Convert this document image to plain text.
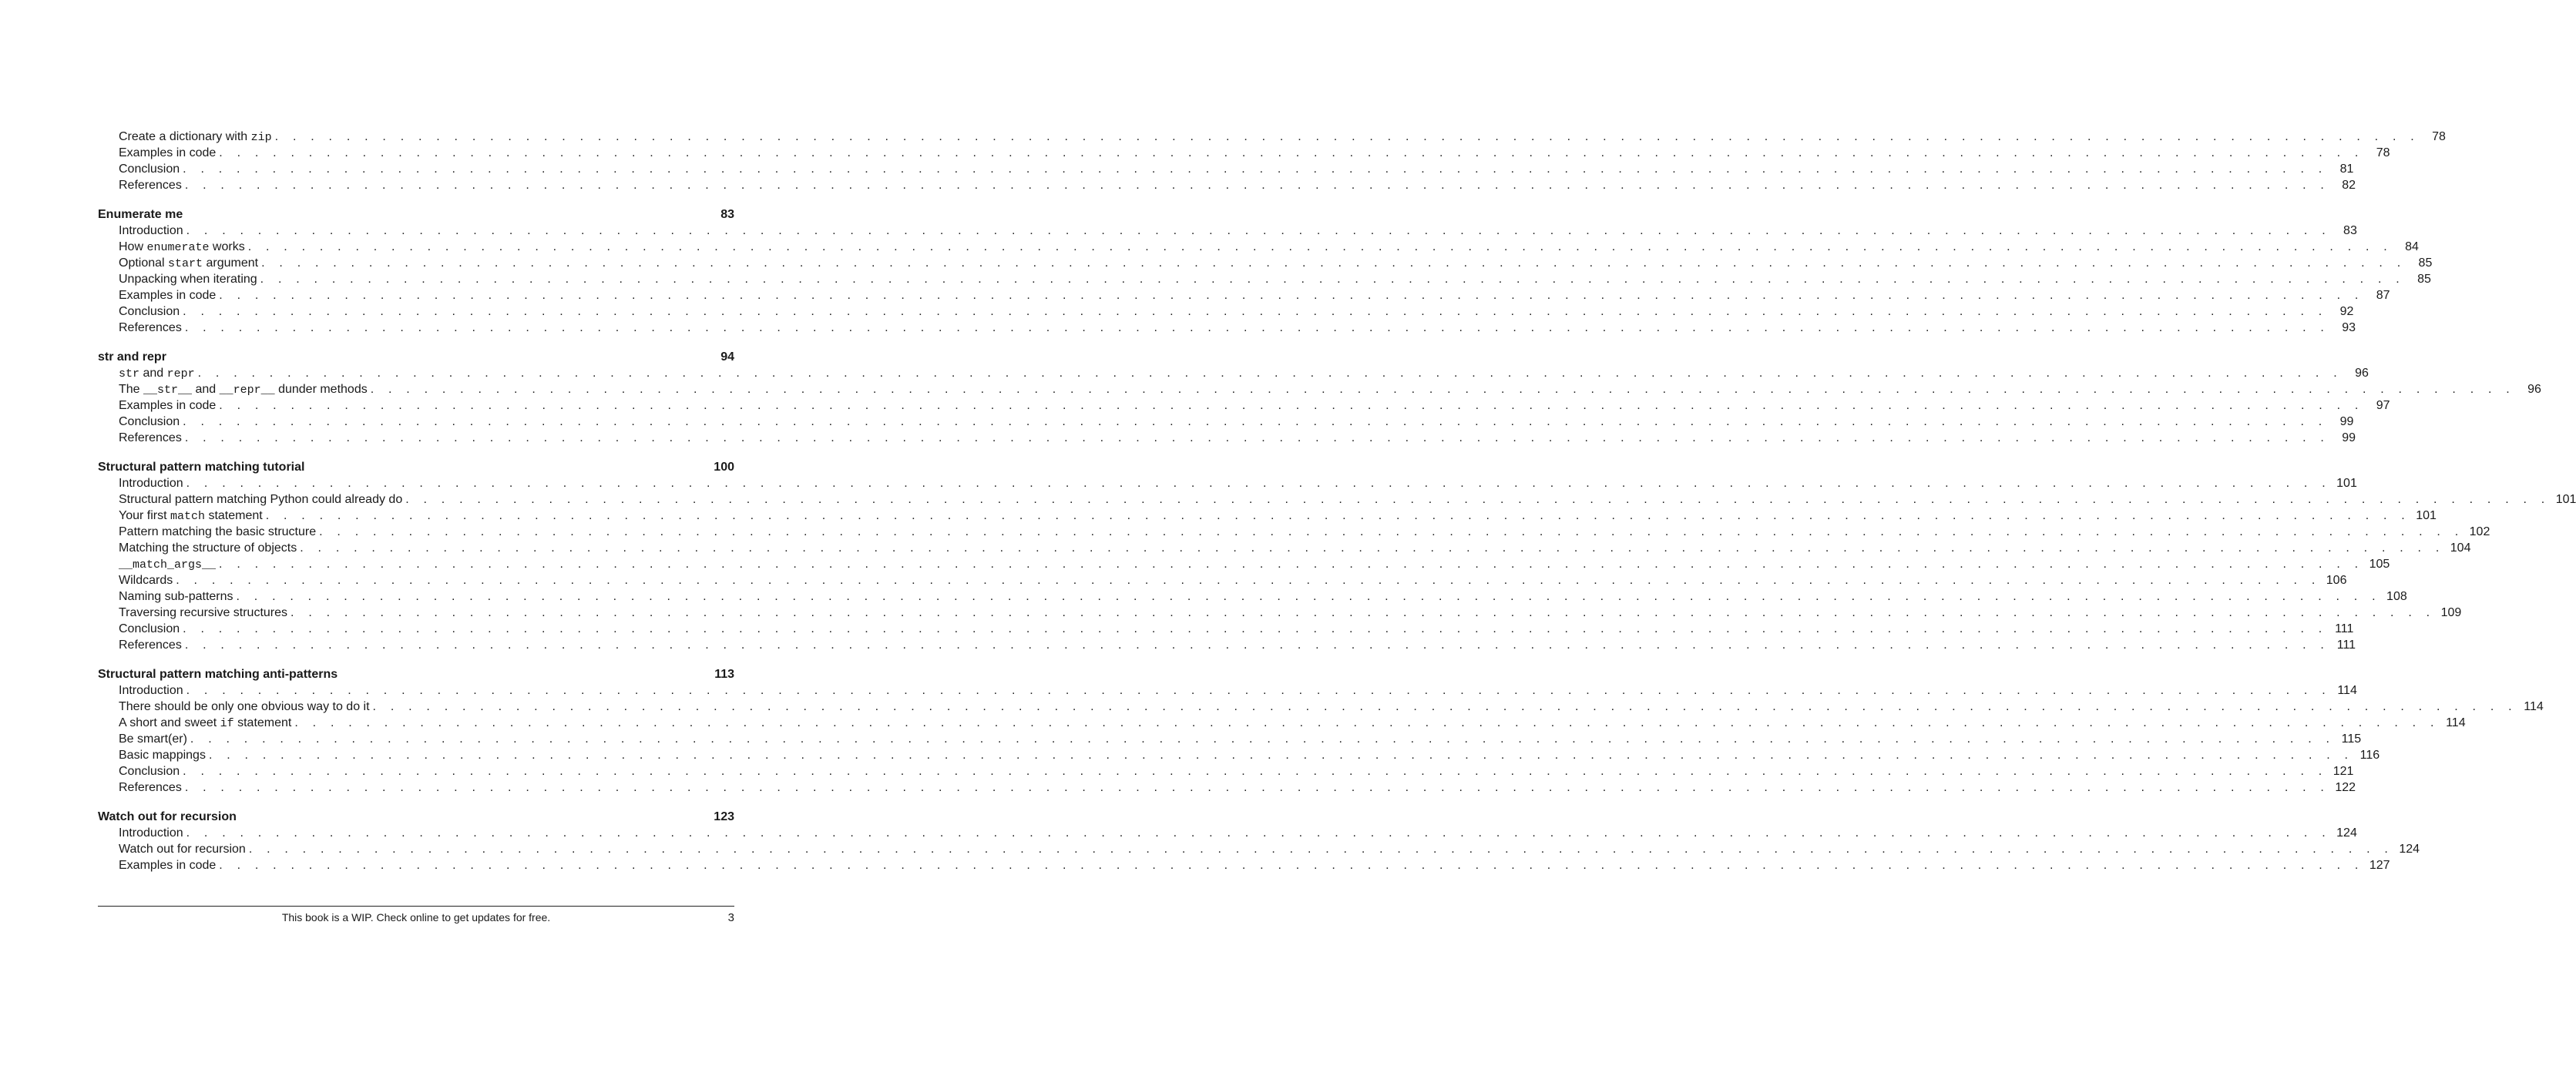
Create a dictionary with zip . . . . . . . . . . . . . . . . . . . . . . . . . . . . . . . . . . . . . . . . . . . . . . . . . . . . . . . . . . . . . . . . . . . . . . . . . . . . . . . . . . . . . . . . . . . . . . . . . . . . . . . . . . . . . . . . . . . . . . . .	78
Examples in code . . . . . . . . . . . . . . . . . . . . . . . . . . . . . . . . . . . . . . . . . . . . . . . . . . . . . . . . . . . . . . . . . . . . . . . . . . . . . . . . . . . . . . . . . . . . . . . . . . . . . . . . . . . . . . . . . . . . . . . .	78
Conclusion . . . . . . . . . . . . . . . . . . . . . . . . . . . . . . . . . . . . . . . . . . . . . . . . . . . . . . . . . . . . . . . . . . . . . . . . . . . . . . . . . . . . . . . . . . . . . . . . . . . . . . . . . . . . . . . . . . . . . . . .	81
References . . . . . . . . . . . . . . . . . . . . . . . . . . . . . . . . . . . . . . . . . . . . . . . . . . . . . . . . . . . . . . . . . . . . . . . . . . . . . . . . . . . . . . . . . . . . . . . . . . . . . . . . . . . . . . . . . . . . . . . .	82
Enumerate me	83
Introduction . . . . . . . . . . . . . . . . . . . . . . . . . . . . . . . . . . . . . . . . . . . . . . . . . . . . . . . . . . . . . . . . . . . . . . . . . . . . . . . . . . . . . . . . . . . . . . . . . . . . . . . . . . . . . . . . . . . . . . . .	83
How enumerate works . . . . . . . . . . . . . . . . . . . . . . . . . . . . . . . . . . . . . . . . . . . . . . . . . . . . . . . . . . . . . . . . . . . . . . . . . . . . . . . . . . . . . . . . . . . . . . . . . . . . . . . . . . . . . . . . . . . . . . . .	84
Optional start argument . . . . . . . . . . . . . . . . . . . . . . . . . . . . . . . . . . . . . . . . . . . . . . . . . . . . . . . . . . . . . . . . . . . . . . . . . . . . . . . . . . . . . . . . . . . . . . . . . . . . . . . . . . . . . . . . . . . . . . . .	85
Unpacking when iterating . . . . . . . . . . . . . . . . . . . . . . . . . . . . . . . . . . . . . . . . . . . . . . . . . . . . . . . . . . . . . . . . . . . . . . . . . . . . . . . . . . . . . . . . . . . . . . . . . . . . . . . . . . . . . . . . . . . . . . . .	85
Examples in code . . . . . . . . . . . . . . . . . . . . . . . . . . . . . . . . . . . . . . . . . . . . . . . . . . . . . . . . . . . . . . . . . . . . . . . . . . . . . . . . . . . . . . . . . . . . . . . . . . . . . . . . . . . . . . . . . . . . . . . .	87
Conclusion . . . . . . . . . . . . . . . . . . . . . . . . . . . . . . . . . . . . . . . . . . . . . . . . . . . . . . . . . . . . . . . . . . . . . . . . . . . . . . . . . . . . . . . . . . . . . . . . . . . . . . . . . . . . . . . . . . . . . . . .	92
References . . . . . . . . . . . . . . . . . . . . . . . . . . . . . . . . . . . . . . . . . . . . . . . . . . . . . . . . . . . . . . . . . . . . . . . . . . . . . . . . . . . . . . . . . . . . . . . . . . . . . . . . . . . . . . . . . . . . . . . .	93
str and repr	94
str and repr . . . . . . . . . . . . . . . . . . . . . . . . . . . . . . . . . . . . . . . . . . . . . . . . . . . . . . . . . . . . . . . . . . . . . . . . . . . . . . . . . . . . . . . . . . . . . . . . . . . . . . . . . . . . . . . . . . . . . . . .	96
The __str__ and __repr__ dunder methods . . . . . . . . . . . . . . . . . . . . . . . . . . . . . . . . . . . . . . . . . . . . . . . . . . . . . . . . . . . . . . . . . . . . . . . . . . . . . . . . . . . . . . . . . . . . . . . . . . . . . . . . . . . . . . . . . . . . . . . .	96
Examples in code . . . . . . . . . . . . . . . . . . . . . . . . . . . . . . . . . . . . . . . . . . . . . . . . . . . . . . . . . . . . . . . . . . . . . . . . . . . . . . . . . . . . . . . . . . . . . . . . . . . . . . . . . . . . . . . . . . . . . . . .	97
Conclusion . . . . . . . . . . . . . . . . . . . . . . . . . . . . . . . . . . . . . . . . . . . . . . . . . . . . . . . . . . . . . . . . . . . . . . . . . . . . . . . . . . . . . . . . . . . . . . . . . . . . . . . . . . . . . . . . . . . . . . . .	99
References . . . . . . . . . . . . . . . . . . . . . . . . . . . . . . . . . . . . . . . . . . . . . . . . . . . . . . . . . . . . . . . . . . . . . . . . . . . . . . . . . . . . . . . . . . . . . . . . . . . . . . . . . . . . . . . . . . . . . . . .	99
Structural pattern matching tutorial	100
Introduction . . . . . . . . . . . . . . . . . . . . . . . . . . . . . . . . . . . . . . . . . . . . . . . . . . . . . . . . . . . . . . . . . . . . . . . . . . . . . . . . . . . . . . . . . . . . . . . . . . . . . . . . . . . . . . . . . . . . . . . . 101
Structural pattern matching Python could already do . . . . . . . . . . . . . . . . . . . . . . . . . . . . . . . . . . . . . . . . . . . . . . . . . . . . . . . . . . . . . . . . . . . . . . . . . . . . . . . . . . . . . . . . . . . . . . . . . . . . . . . . . . . . . . . . . . . . . . . . 101
Your first match statement . . . . . . . . . . . . . . . . . . . . . . . . . . . . . . . . . . . . . . . . . . . . . . . . . . . . . . . . . . . . . . . . . . . . . . . . . . . . . . . . . . . . . . . . . . . . . . . . . . . . . . . . . . . . . . . . . . . . . . . . 101
Pattern matching the basic structure . . . . . . . . . . . . . . . . . . . . . . . . . . . . . . . . . . . . . . . . . . . . . . . . . . . . . . . . . . . . . . . . . . . . . . . . . . . . . . . . . . . . . . . . . . . . . . . . . . . . . . . . . . . . . . . . . . . . . . . . 102
Matching the structure of objects . . . . . . . . . . . . . . . . . . . . . . . . . . . . . . . . . . . . . . . . . . . . . . . . . . . . . . . . . . . . . . . . . . . . . . . . . . . . . . . . . . . . . . . . . . . . . . . . . . . . . . . . . . . . . . . . . . . . . . . . 104
__match_args__ . . . . . . . . . . . . . . . . . . . . . . . . . . . . . . . . . . . . . . . . . . . . . . . . . . . . . . . . . . . . . . . . . . . . . . . . . . . . . . . . . . . . . . . . . . . . . . . . . . . . . . . . . . . . . . . . . . . . . . . . 105
Wildcards . . . . . . . . . . . . . . . . . . . . . . . . . . . . . . . . . . . . . . . . . . . . . . . . . . . . . . . . . . . . . . . . . . . . . . . . . . . . . . . . . . . . . . . . . . . . . . . . . . . . . . . . . . . . . . . . . . . . . . . . 106
Naming sub-patterns . . . . . . . . . . . . . . . . . . . . . . . . . . . . . . . . . . . . . . . . . . . . . . . . . . . . . . . . . . . . . . . . . . . . . . . . . . . . . . . . . . . . . . . . . . . . . . . . . . . . . . . . . . . . . . . . . . . . . . . . 108
Traversing recursive structures . . . . . . . . . . . . . . . . . . . . . . . . . . . . . . . . . . . . . . . . . . . . . . . . . . . . . . . . . . . . . . . . . . . . . . . . . . . . . . . . . . . . . . . . . . . . . . . . . . . . . . . . . . . . . . . . . . . . . . . . 109
Conclusion . . . . . . . . . . . . . . . . . . . . . . . . . . . . . . . . . . . . . . . . . . . . . . . . . . . . . . . . . . . . . . . . . . . . . . . . . . . . . . . . . . . . . . . . . . . . . . . . . . . . . . . . . . . . . . . . . . . . . . . . 111
References . . . . . . . . . . . . . . . . . . . . . . . . . . . . . . . . . . . . . . . . . . . . . . . . . . . . . . . . . . . . . . . . . . . . . . . . . . . . . . . . . . . . . . . . . . . . . . . . . . . . . . . . . . . . . . . . . . . . . . . . 111
Structural pattern matching anti-patterns	113
Introduction . . . . . . . . . . . . . . . . . . . . . . . . . . . . . . . . . . . . . . . . . . . . . . . . . . . . . . . . . . . . . . . . . . . . . . . . . . . . . . . . . . . . . . . . . . . . . . . . . . . . . . . . . . . . . . . . . . . . . . . . 114
There should be only one obvious way to do it . . . . . . . . . . . . . . . . . . . . . . . . . . . . . . . . . . . . . . . . . . . . . . . . . . . . . . . . . . . . . . . . . . . . . . . . . . . . . . . . . . . . . . . . . . . . . . . . . . . . . . . . . . . . . . . . . . . . . . . . 114
A short and sweet if statement . . . . . . . . . . . . . . . . . . . . . . . . . . . . . . . . . . . . . . . . . . . . . . . . . . . . . . . . . . . . . . . . . . . . . . . . . . . . . . . . . . . . . . . . . . . . . . . . . . . . . . . . . . . . . . . . . . . . . . . . 114
Be smart(er) . . . . . . . . . . . . . . . . . . . . . . . . . . . . . . . . . . . . . . . . . . . . . . . . . . . . . . . . . . . . . . . . . . . . . . . . . . . . . . . . . . . . . . . . . . . . . . . . . . . . . . . . . . . . . . . . . . . . . . . . 115
Basic mappings . . . . . . . . . . . . . . . . . . . . . . . . . . . . . . . . . . . . . . . . . . . . . . . . . . . . . . . . . . . . . . . . . . . . . . . . . . . . . . . . . . . . . . . . . . . . . . . . . . . . . . . . . . . . . . . . . . . . . . . . 116
Conclusion . . . . . . . . . . . . . . . . . . . . . . . . . . . . . . . . . . . . . . . . . . . . . . . . . . . . . . . . . . . . . . . . . . . . . . . . . . . . . . . . . . . . . . . . . . . . . . . . . . . . . . . . . . . . . . . . . . . . . . . . 121
References . . . . . . . . . . . . . . . . . . . . . . . . . . . . . . . . . . . . . . . . . . . . . . . . . . . . . . . . . . . . . . . . . . . . . . . . . . . . . . . . . . . . . . . . . . . . . . . . . . . . . . . . . . . . . . . . . . . . . . . . 122
Watch out for recursion	123
Introduction . . . . . . . . . . . . . . . . . . . . . . . . . . . . . . . . . . . . . . . . . . . . . . . . . . . . . . . . . . . . . . . . . . . . . . . . . . . . . . . . . . . . . . . . . . . . . . . . . . . . . . . . . . . . . . . . . . . . . . . . 124
Watch out for recursion . . . . . . . . . . . . . . . . . . . . . . . . . . . . . . . . . . . . . . . . . . . . . . . . . . . . . . . . . . . . . . . . . . . . . . . . . . . . . . . . . . . . . . . . . . . . . . . . . . . . . . . . . . . . . . . . . . . . . . . . 124
Examples in code . . . . . . . . . . . . . . . . . . . . . . . . . . . . . . . . . . . . . . . . . . . . . . . . . . . . . . . . . . . . . . . . . . . . . . . . . . . . . . . . . . . . . . . . . . . . . . . . . . . . . . . . . . . . . . . . . . . . . . . . 127
This book is a WIP. Check online to get updates for free.	3
